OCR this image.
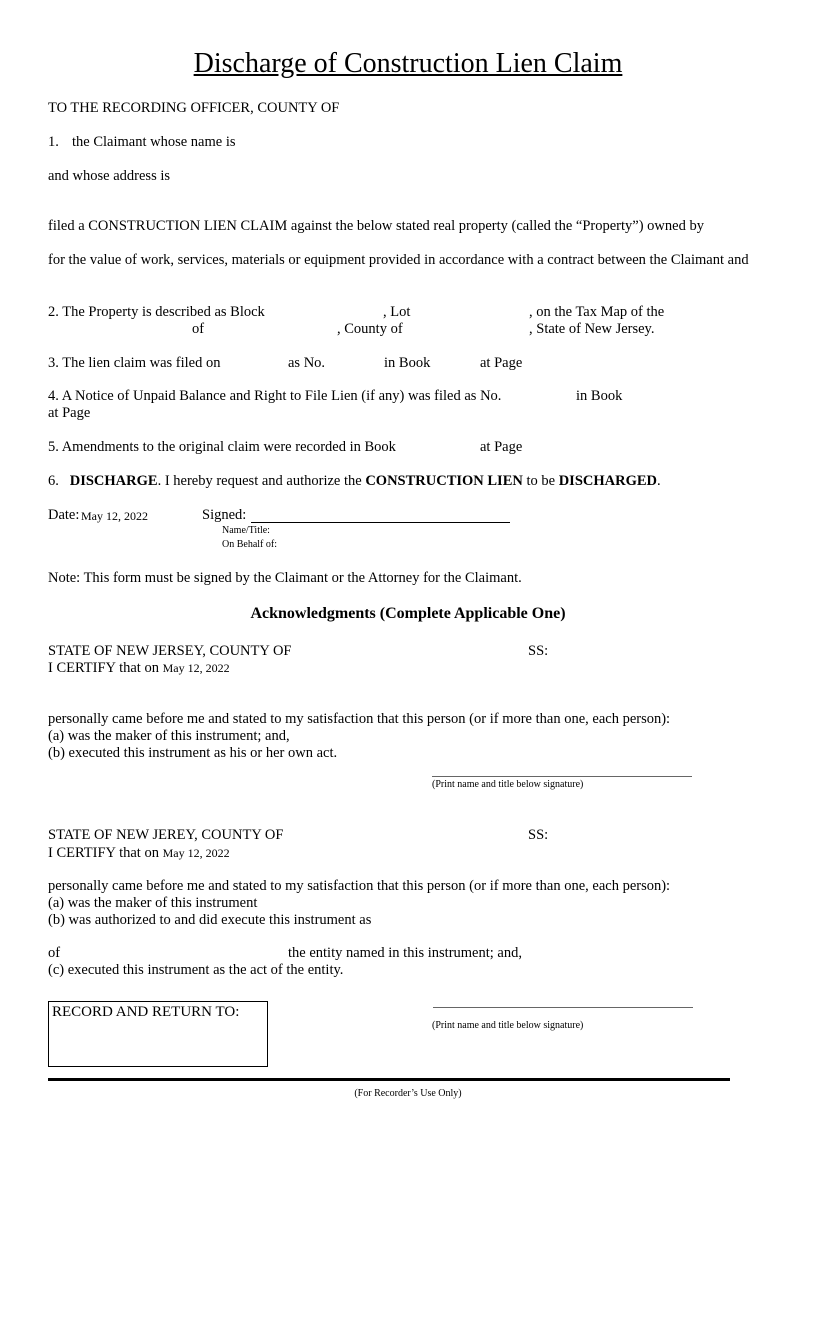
Discharge of Construction Lien Claim
TO THE RECORDING OFFICER, COUNTY OF
1. the Claimant whose name is
and whose address is
filed a CONSTRUCTION LIEN CLAIM against the below stated real property (called the “Property”) owned by
for the value of work, services, materials or equipment provided in accordance with a contract between the Claimant and
2. The Property is described as Block	, Lot	, on the Tax Map of the
of	, County of	, State of New Jersey.
3. The lien claim was filed on	as No.	in Book	at Page
4. A Notice of Unpaid Balance and Right to File Lien (if any) was filed as No.	in Book
at Page
5. Amendments to the original claim were recorded in Book	at Page
6. DISCHARGE. I hereby request and authorize the CONSTRUCTION LIEN to be DISCHARGED.
Date: May 12, 2022	Signed:
Name/Title:
On Behalf of:
Note: This form must be signed by the Claimant or the Attorney for the Claimant.
Acknowledgments (Complete Applicable One)
STATE OF NEW JERSEY, COUNTY OF	SS:
I CERTIFY that on May 12, 2022
personally came before me and stated to my satisfaction that this person (or if more than one, each person):
(a) was the maker of this instrument; and,
(b) executed this instrument as his or her own act.
(Print name and title below signature)
STATE OF NEW JEREY, COUNTY OF	SS:
I CERTIFY that on May 12, 2022
personally came before me and stated to my satisfaction that this person (or if more than one, each person):
(a) was the maker of this instrument
(b) was authorized to and did execute this instrument as
of	the entity named in this instrument; and,
(c) executed this instrument as the act of the entity.
(Print name and title below signature)
RECORD AND RETURN TO:
(For Recorder’s Use Only)
